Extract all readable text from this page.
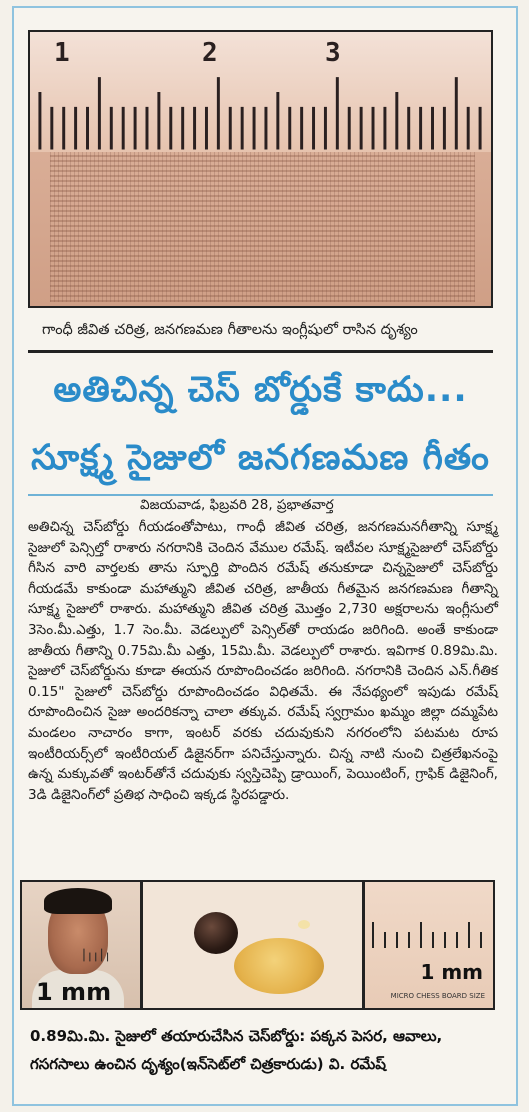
1	2	3
గాంధీ జీవిత చరిత్ర, జనగణమణ గీతాలను ఇంగ్లీషులో రాసిన దృశ్యం
అతిచిన్న చెస్ బోర్డుకే కాదు...
సూక్ష్మ సైజులో జనగణమణ గీతం
విజయవాడ, ఫిబ్రవరి 28, ప్రభాతవార్త
అతిచిన్న చెస్‌బోర్డు గీయడంతోపాటు, గాంధీ జీవిత చరిత్ర, జనగణమనగీతాన్ని సూక్ష్మ సైజులో పెన్సిల్తో రాశారు నగరానికి చెందిన వేముల రమేష్. ఇటీవల సూక్ష్మసైజులో చెస్‌బోర్డు గీసిన వారి వార్తలకు తాను స్ఫూర్తి పొందిన రమేష్ తనుకూడా చిన్నసైజులో చెస్‌బోర్డు గీయడమే కాకుండా మహాత్ముని జీవిత చరిత్ర, జాతీయ గీతమైన జనగణమణ గీతాన్ని సూక్ష్మ సైజులో రాశారు. మహాత్ముని జీవిత చరిత్ర మొత్తం 2,730 అక్షరాలను ఇంగ్లీసులో 3సెం.మీ.ఎత్తు, 1.7 సెం.మీ. వెడల్పులో పెన్సిల్‌తో రాయడం జరిగింది. అంతే కాకుండా జాతీయ గీతాన్ని 0.75మి.మీ ఎత్తు, 15మి.మీ. వెడల్పులో రాశారు. ఇవిగాక 0.89మి.మి. సైజులో చెస్‌బోర్డును కూడా ఈయన రూపొందించడం జరిగింది. నగరానికి చెందిన ఎన్.గీతిక 0.15" సైజులో చెస్‌బోర్డు రూపొందించడం విధితమే. ఈ నేపథ్యంలో ఇపుడు రమేష్ రూపొందించిన సైజు అందరికన్నా చాలా తక్కువ. రమేష్ స్వగ్రామం ఖమ్మం జిల్లా దమ్మపేట మండలం నాచారం కాగా, ఇంటర్ వరకు చదువుకుని నగరంలోని పటమట రూప ఇంటీరియర్స్‌లో ఇంటీరియల్ డిజైనర్‌గా పనిచేస్తున్నారు. చిన్న నాటి నుంచి చిత్రలేఖనంపై ఉన్న మక్కువతో ఇంటర్‌తోనే చదువుకు స్వస్తిచెప్పి డ్రాయింగ్, పెయింటింగ్, గ్రాఫిక్ డిజైనింగ్, 3డి డిజైనింగ్‌లో ప్రతిభ సాధించి ఇక్కడ స్థిరపడ్డారు.
1 mm
1 mm
MICRO CHESS BOARD SIZE
0.89మి.మి. సైజులో తయారుచేసిన చెస్‌బోర్డు: పక్కన పెసర, ఆవాలు, గసగసాలు ఉంచిన దృశ్యం(ఇన్‌సెట్‌లో చిత్రకారుడు) వి. రమేష్
